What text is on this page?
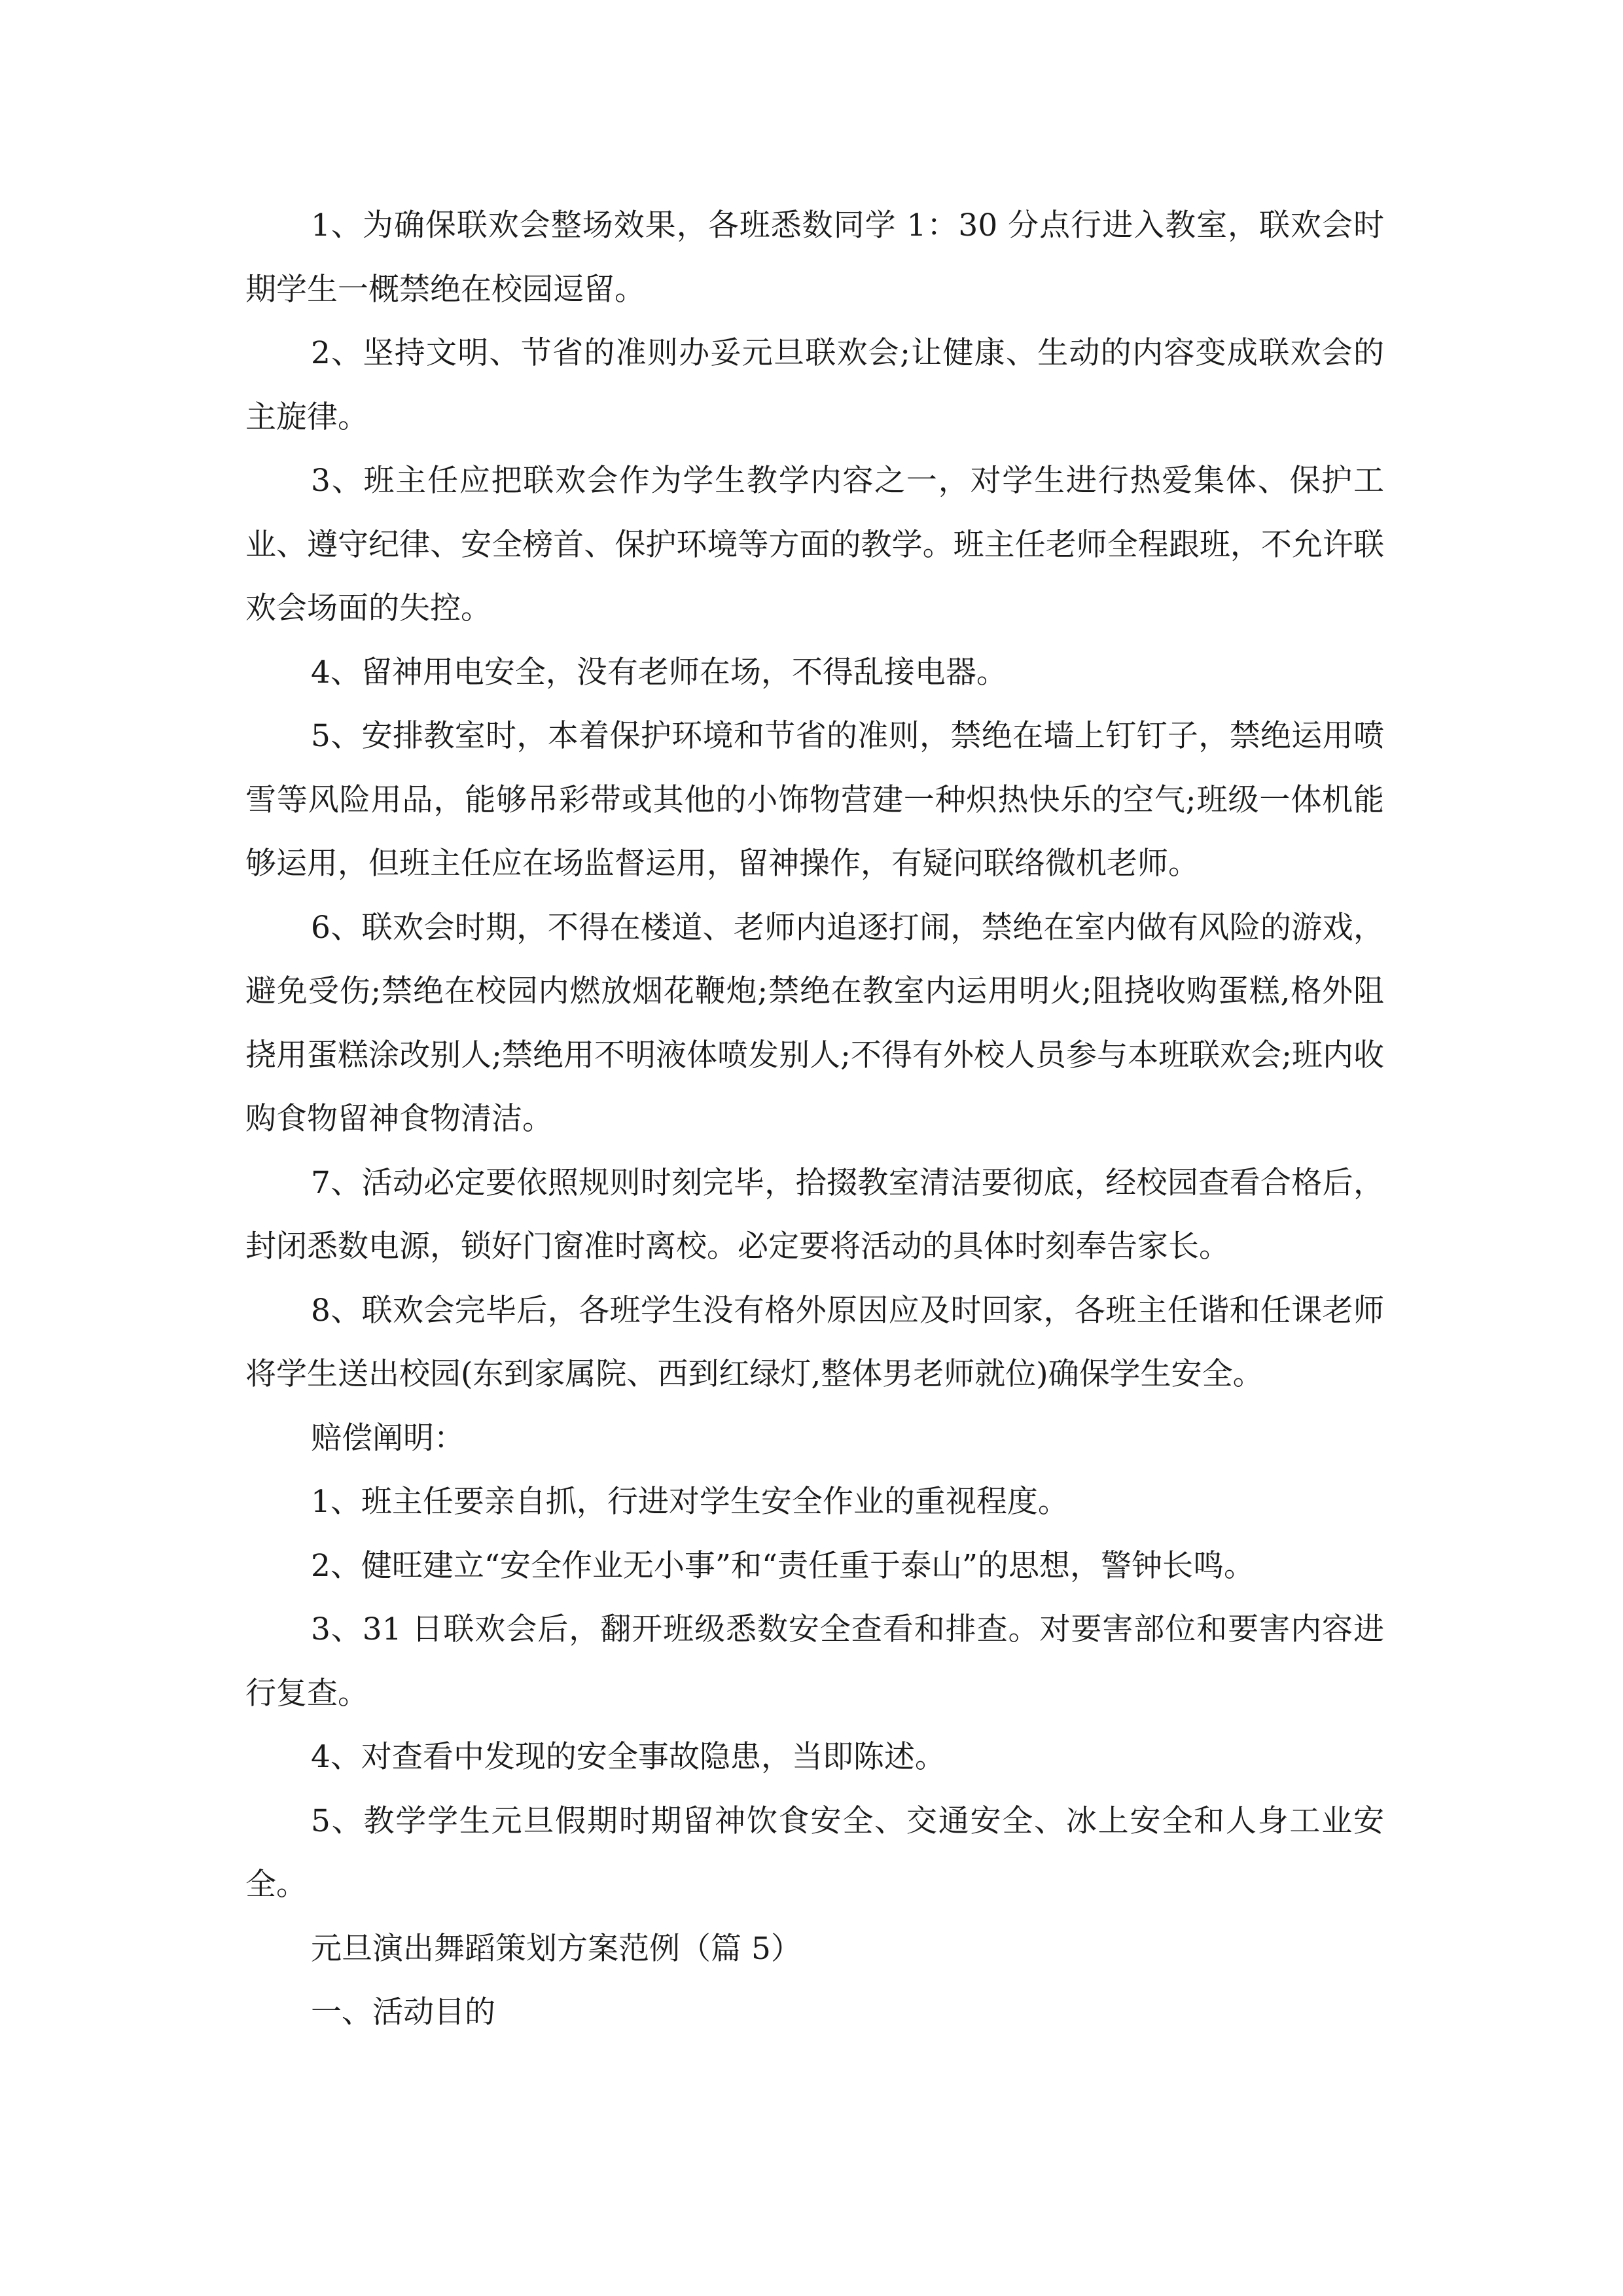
1、为确保联欢会整场效果，各班悉数同学 1：30 分点行进入教室，联欢会时期学生一概禁绝在校园逗留。

2、坚持文明、节省的准则办妥元旦联欢会;让健康、生动的内容变成联欢会的主旋律。

3、班主任应把联欢会作为学生教学内容之一，对学生进行热爱集体、保护工业、遵守纪律、安全榜首、保护环境等方面的教学。班主任老师全程跟班，不允许联欢会场面的失控。

4、留神用电安全，没有老师在场，不得乱接电器。

5、安排教室时，本着保护环境和节省的准则，禁绝在墙上钉钉子，禁绝运用喷雪等风险用品，能够吊彩带或其他的小饰物营建一种炽热快乐的空气;班级一体机能够运用，但班主任应在场监督运用，留神操作，有疑问联络微机老师。

6、联欢会时期，不得在楼道、老师内追逐打闹，禁绝在室内做有风险的游戏，避免受伤;禁绝在校园内燃放烟花鞭炮;禁绝在教室内运用明火;阻挠收购蛋糕,格外阻挠用蛋糕涂改别人;禁绝用不明液体喷发别人;不得有外校人员参与本班联欢会;班内收购食物留神食物清洁。

7、活动必定要依照规则时刻完毕，拾掇教室清洁要彻底，经校园查看合格后，封闭悉数电源，锁好门窗准时离校。必定要将活动的具体时刻奉告家长。

8、联欢会完毕后，各班学生没有格外原因应及时回家，各班主任谐和任课老师将学生送出校园(东到家属院、西到红绿灯,整体男老师就位)确保学生安全。

赔偿阐明：

1、班主任要亲自抓，行进对学生安全作业的重视程度。

2、健旺建立“安全作业无小事”和“责任重于泰山”的思想，警钟长鸣。

3、31 日联欢会后，翻开班级悉数安全查看和排查。对要害部位和要害内容进行复查。

4、对查看中发现的安全事故隐患，当即陈述。

5、教学学生元旦假期时期留神饮食安全、交通安全、冰上安全和人身工业安全。

元旦演出舞蹈策划方案范例（篇 5）

一、活动目的
